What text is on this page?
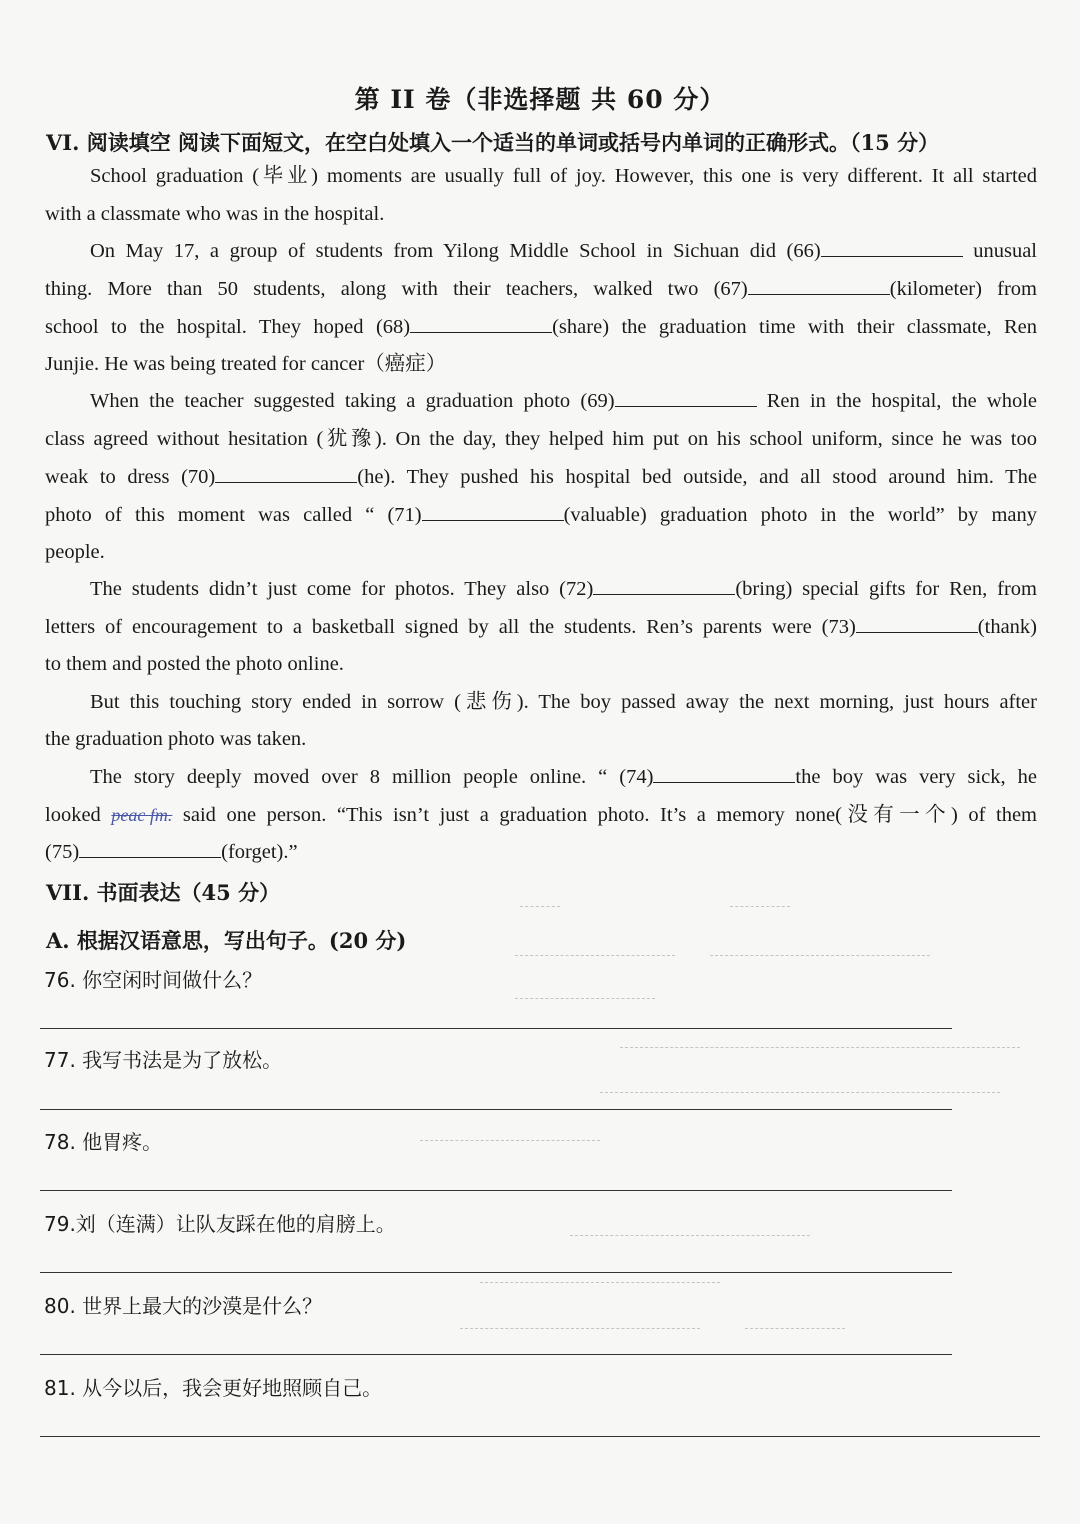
第 II 卷（非选择题 共 60 分）
VI. 阅读填空 阅读下面短文，在空白处填入一个适当的单词或括号内单词的正确形式。（15 分）
School graduation (毕业) moments are usually full of joy. However, this one is very different. It all started
with a classmate who was in the hospital.
On May 17, a group of students from Yilong Middle School in Sichuan did (66)	unusual
thing. More than 50 students, along with their teachers, walked two (67)	(kilometer) from
school to the hospital. They hoped (68)	(share) the graduation time with their classmate, Ren
Junjie. He was being treated for cancer（癌症）
When the teacher suggested taking a graduation photo (69)	Ren in the hospital, the whole
class agreed without hesitation (犹豫). On the day, they helped him put on his school uniform, since he was too
weak to dress (70)	(he). They pushed his hospital bed outside, and all stood around him. The
photo of this moment was called “ (71)	(valuable) graduation photo in the world” by many
people.
The students didn’t just come for photos. They also (72)	(bring) special gifts for Ren, from
letters of encouragement to a basketball signed by all the students. Ren’s parents were (73)	(thank)
to them and posted the photo online.
But this touching story ended in sorrow (悲伤). The boy passed away the next morning, just hours after
the graduation photo was taken.
The story deeply moved over 8 million people online. “ (74)	the boy was very sick, he
looked peac fm. said one person. “This isn’t just a graduation photo. It’s a memory none(没有一个) of them
(75)	(forget).”
VII. 书面表达（45 分）
A. 根据汉语意思，写出句子。(20 分)
76. 你空闲时间做什么？
77. 我写书法是为了放松。
78. 他胃疼。
79.刘（连满）让队友踩在他的肩膀上。
80. 世界上最大的沙漠是什么？
81. 从今以后，我会更好地照顾自己。
